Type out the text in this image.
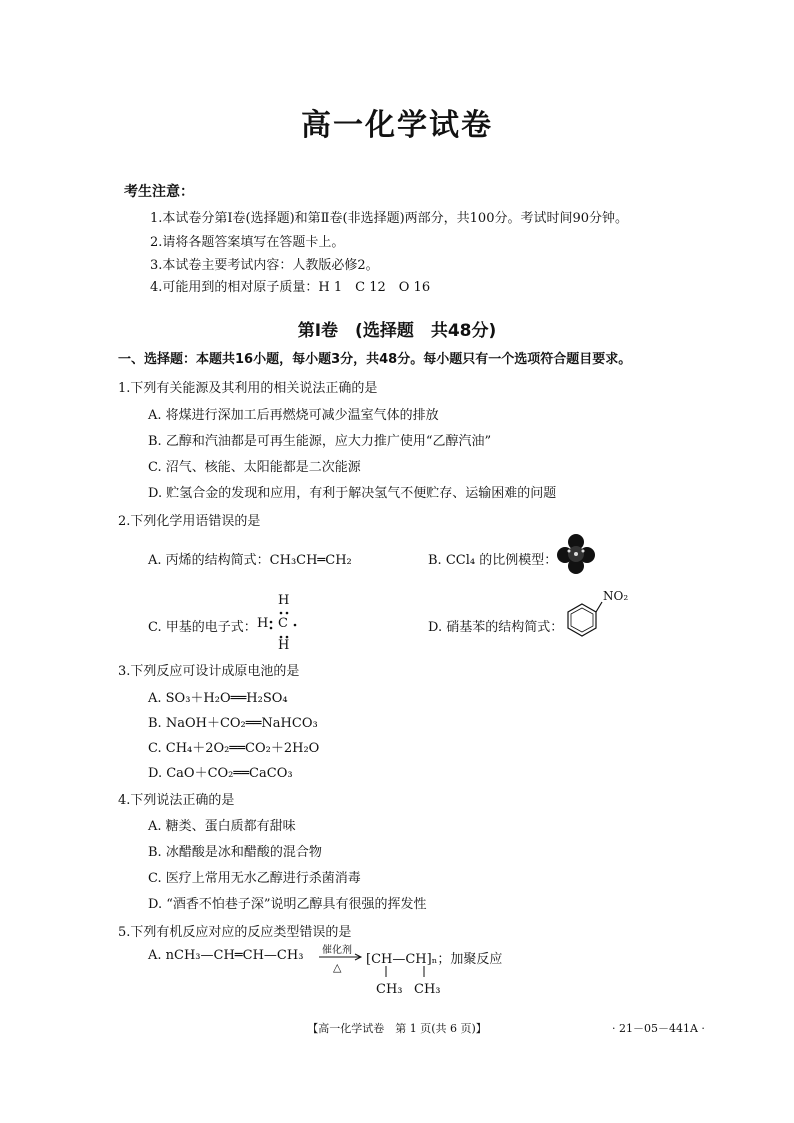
高一化学试卷
考生注意：
1.本试卷分第Ⅰ卷(选择题)和第Ⅱ卷(非选择题)两部分，共100分。考试时间90分钟。
2.请将各题答案填写在答题卡上。
3.本试卷主要考试内容：人教版必修2。
4.可能用到的相对原子质量：H 1　C 12　O 16
第Ⅰ卷　(选择题　共48分)
一、选择题：本题共16小题，每小题3分，共48分。每小题只有一个选项符合题目要求。
1.下列有关能源及其利用的相关说法正确的是
A. 将煤进行深加工后再燃烧可减少温室气体的排放
B. 乙醇和汽油都是可再生能源，应大力推广使用“乙醇汽油”
C. 沼气、核能、太阳能都是二次能源
D. 贮氢合金的发现和应用，有利于解决氢气不便贮存、运输困难的问题
2.下列化学用语错误的是
A. 丙烯的结构简式：CH₃CH═CH₂	B. CCl₄ 的比例模型：
C. 甲基的电子式：
H
H C
H
D. 硝基苯的结构简式：
NO₂
3.下列反应可设计成原电池的是
A. SO₃＋H₂O══H₂SO₄
B. NaOH＋CO₂══NaHCO₃
C. CH₄＋2O₂══CO₂＋2H₂O
D. CaO＋CO₂══CaCO₃
4.下列说法正确的是
A. 糖类、蛋白质都有甜味
B. 冰醋酸是冰和醋酸的混合物
C. 医疗上常用无水乙醇进行杀菌消毒
D. “酒香不怕巷子深”说明乙醇具有很强的挥发性
5.下列有机反应对应的反应类型错误的是
A. nCH₃—CH═CH—CH₃ 催化剂
△
[CH—CH]ₙ；加聚反应
CH₃ CH₃
【高一化学试卷　第 1 页(共 6 页)】	· 21－05－441A ·
